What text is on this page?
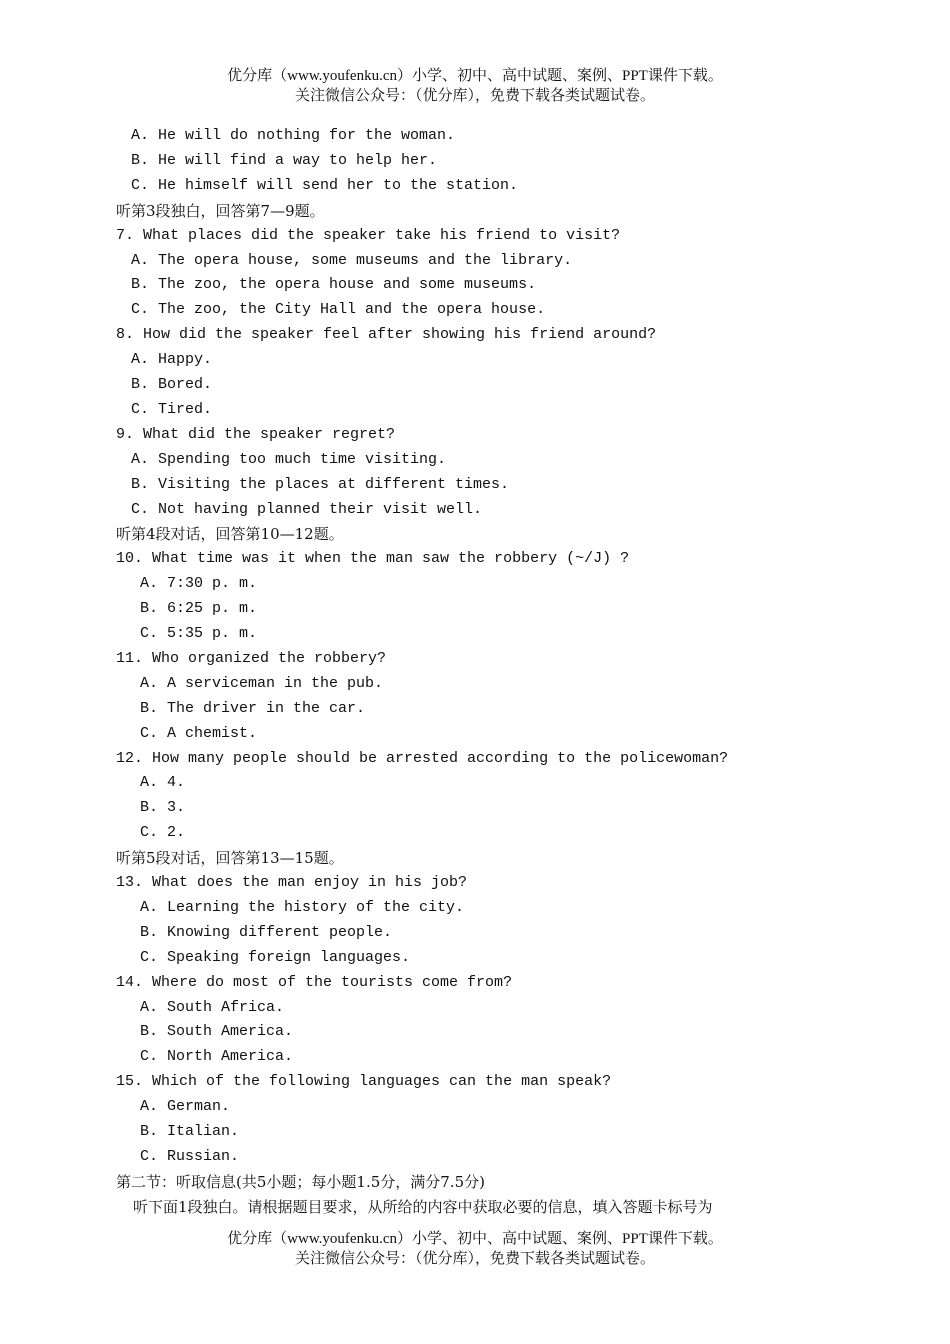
优分库（www.youfenku.cn）小学、初中、高中试题、案例、PPT课件下载。
关注微信公众号：（优分库），免费下载各类试题试卷。
A. He will do nothing for the woman.
B. He will find a way to help her.
C. He himself will send her to the station.
听第3段独白，回答第7—9题。
7. What places did the speaker take his friend to visit?
A. The opera house, some museums and the library.
B. The zoo, the opera house and some museums.
C. The zoo, the City Hall and the opera house.
8. How did the speaker feel after showing his friend around?
A. Happy.
B. Bored.
C. Tired.
9. What did the speaker regret?
A. Spending too much time visiting.
B. Visiting the places at different times.
C. Not having planned their visit well.
听第4段对话，回答第10—12题。
10. What time was it when the man saw the robbery (~/J) ?
A. 7:30 p. m.
B. 6:25 p. m.
C. 5:35 p. m.
11. Who organized the robbery?
A. A serviceman in the pub.
B. The driver in the car.
C. A chemist.
12. How many people should be arrested according to the policewoman?
A. 4.
B. 3.
C. 2.
听第5段对话，回答第13—15题。
13. What does the man enjoy in his job?
A. Learning the history of the city.
B. Knowing different people.
C. Speaking foreign languages.
14. Where do most of the tourists come from?
A. South Africa.
B. South America.
C. North America.
15. Which of the following languages can the man speak?
A. German.
B. Italian.
C. Russian.
第二节：听取信息(共5小题；每小题1.5分，满分7.5分)
听下面1段独白。请根据题目要求，从所给的内容中获取必要的信息，填入答题卡标号为
优分库（www.youfenku.cn）小学、初中、高中试题、案例、PPT课件下载。
关注微信公众号：（优分库），免费下载各类试题试卷。
